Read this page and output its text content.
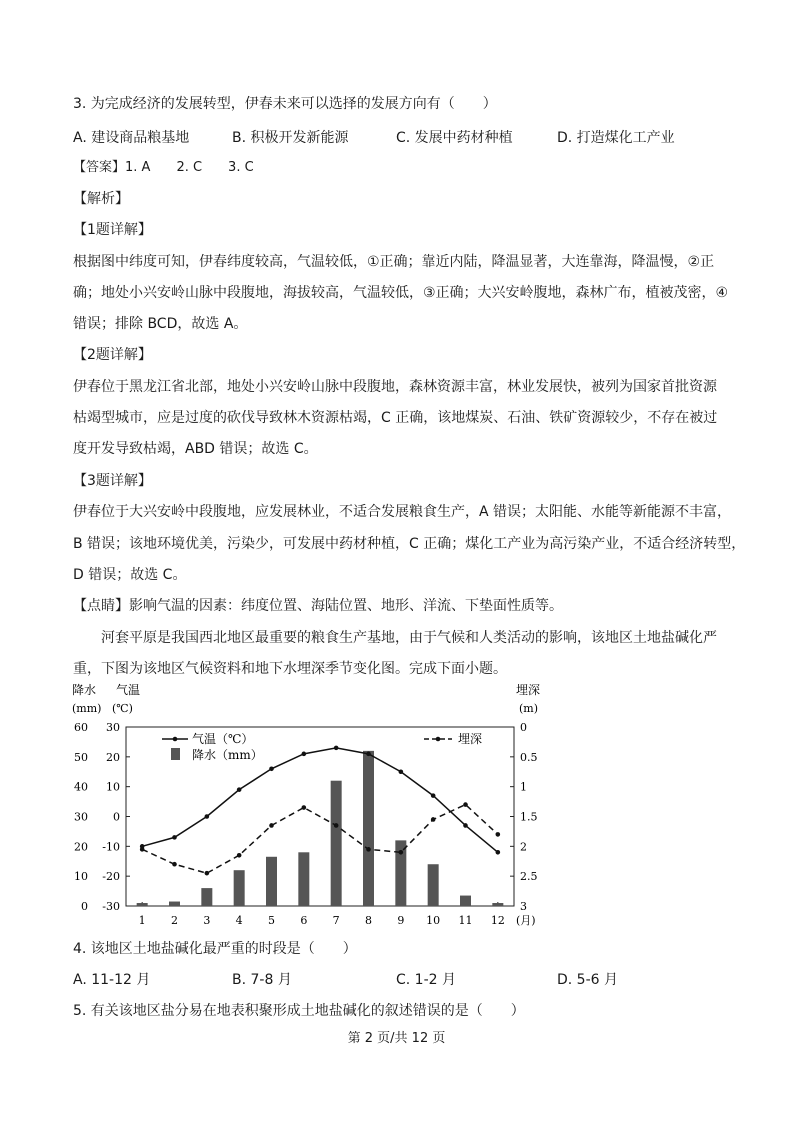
3. 为完成经济的发展转型，伊春未来可以选择的发展方向有（　　）
A. 建设商品粮基地	B. 积极开发新能源	C. 发展中药材种植	D. 打造煤化工产业
【答案】1. A　　2. C　　3. C
【解析】
【1题详解】
根据图中纬度可知，伊春纬度较高，气温较低，①正确；靠近内陆，降温显著，大连靠海，降温慢，②正
确；地处小兴安岭山脉中段腹地，海拔较高，气温较低，③正确；大兴安岭腹地，森林广布，植被茂密，④
错误；排除 BCD，故选 A。
【2题详解】
伊春位于黑龙江省北部，地处小兴安岭山脉中段腹地，森林资源丰富，林业发展快，被列为国家首批资源
枯竭型城市，应是过度的砍伐导致林木资源枯竭，C 正确，该地煤炭、石油、铁矿资源较少，不存在被过
度开发导致枯竭，ABD 错误；故选 C。
【3题详解】
伊春位于大兴安岭中段腹地，应发展林业，不适合发展粮食生产，A 错误；太阳能、水能等新能源不丰富，
B 错误；该地环境优美，污染少，可发展中药材种植，C 正确；煤化工产业为高污染产业，不适合经济转型，
D 错误；故选 C。
【点睛】影响气温的因素：纬度位置、海陆位置、地形、洋流、下垫面性质等。
河套平原是我国西北地区最重要的粮食生产基地，由于气候和人类活动的影响，该地区土地盐碱化严
重，下图为该地区气候资料和地下水埋深季节变化图。完成下面小题。
降水 气温
(mm) (℃)
埋深
(m)
0
10
20
30
40
50
60
-30
-20
-10
0
10
20
30	0
0.5
1
1.5
2
2.5
3
1 2 3 4 5 6 7 8 9 10 11 12 (月)
气温（℃）
降水（mm）
埋深
4. 该地区土地盐碱化最严重的时段是（　　）
A. 11-12 月	B. 7-8 月	C. 1-2 月	D. 5-6 月
5. 有关该地区盐分易在地表积聚形成土地盐碱化的叙述错误的是（　　）
第 2 页/共 12 页
